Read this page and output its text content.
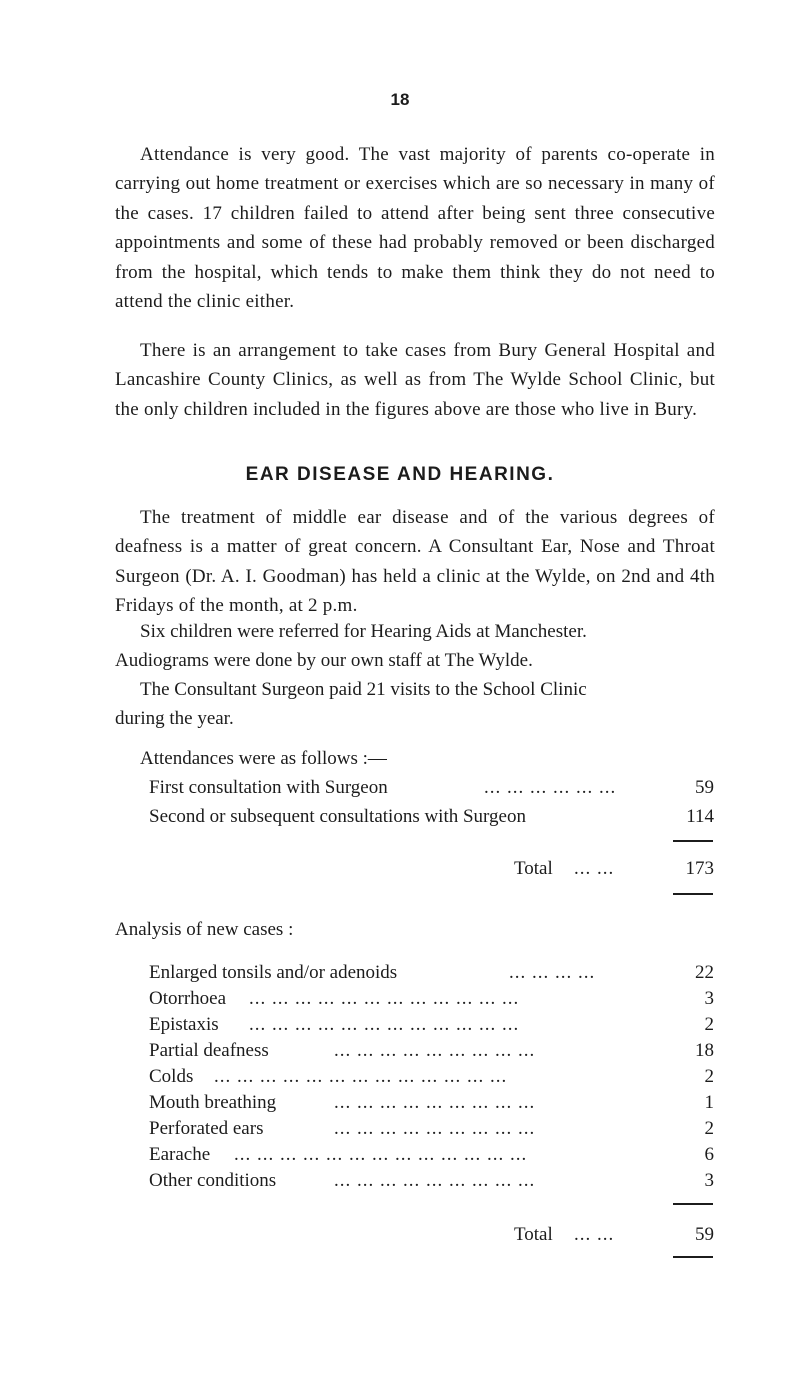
18
Attendance is very good. The vast majority of parents co-operate in carrying out home treatment or exercises which are so necessary in many of the cases. 17 children failed to attend after being sent three consecutive appointments and some of these had probably removed or been discharged from the hospital, which tends to make them think they do not need to attend the clinic either.
There is an arrangement to take cases from Bury General Hospital and Lancashire County Clinics, as well as from The Wylde School Clinic, but the only children included in the figures above are those who live in Bury.
EAR DISEASE AND HEARING.
The treatment of middle ear disease and of the various degrees of deafness is a matter of great concern. A Consultant Ear, Nose and Throat Surgeon (Dr. A. I. Goodman) has held a clinic at the Wylde, on 2nd and 4th Fridays of the month, at 2 p.m.
Six children were referred for Hearing Aids at Manchester.
Audiograms were done by our own staff at The Wylde.
The Consultant Surgeon paid 21 visits to the School Clinic
during the year.
Attendances were as follows :—
First consultation with Surgeon	... ... ... ... ... ...	59
Second or subsequent consultations with Surgeon	114
Total ... ...	173
Analysis of new cases :
Enlarged tonsils and/or adenoids	... ... ... ...	22
Otorrhoea ... ... ... ... ... ... ... ... ... ... ... ...	3
Epistaxis ... ... ... ... ... ... ... ... ... ... ... ...	2
Partial deafness	... ... ... ... ... ... ... ... ...	18
Colds ... ... ... ... ... ... ... ... ... ... ... ... ...	2
Mouth breathing	... ... ... ... ... ... ... ... ...	1
Perforated ears	... ... ... ... ... ... ... ... ...	2
Earache ... ... ... ... ... ... ... ... ... ... ... ... ...	6
Other conditions	... ... ... ... ... ... ... ... ...	3
Total ... ...	59
